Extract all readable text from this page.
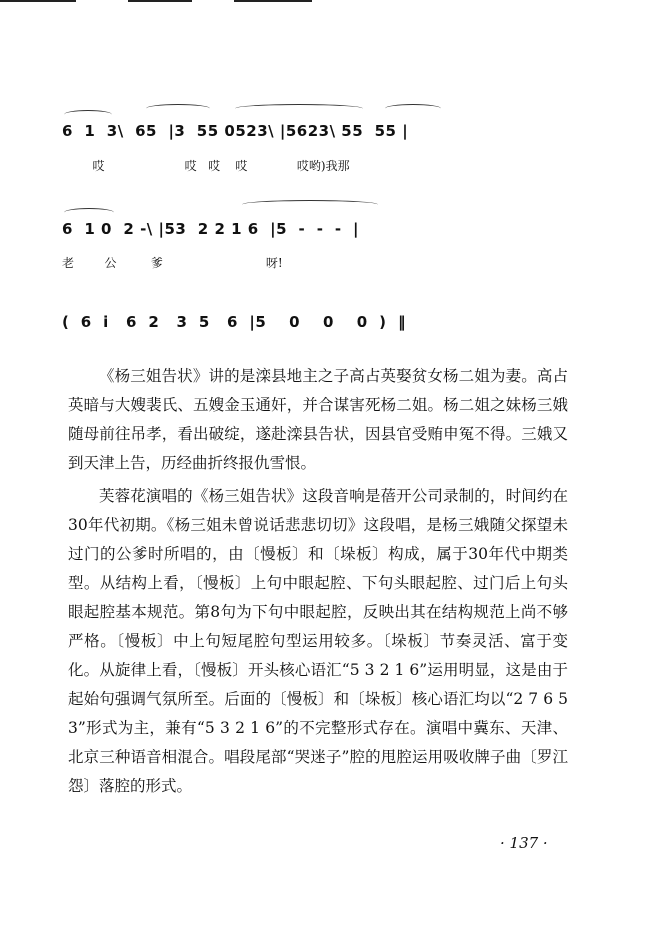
6  1  3\  65  |3  55 0523\ |5623\ 55  55 |
哎                     哎   哎    哎             哎哟)我那
6  1 0  2 -\ |53  2 2 1 6  |5  -  -  -  |
老        公         爹                           呀!
(  6  i   6  2   3  5   6  |5    0    0    0  )  ‖

《杨三姐告状》讲的是滦县地主之子高占英娶贫女杨二姐为妻。高占英暗与大嫂裴氏、五嫂金玉通奸，并合谋害死杨二姐。杨二姐之妹杨三娥随母前往吊孝，看出破绽，遂赴滦县告状，因县官受贿申冤不得。三娥又到天津上告，历经曲折终报仇雪恨。

芙蓉花演唱的《杨三姐告状》这段音响是蓓开公司录制的，时间约在30年代初期。《杨三姐未曾说话悲悲切切》这段唱，是杨三娥随父探望未过门的公爹时所唱的，由〔慢板〕和〔垛板〕构成，属于30年代中期类型。从结构上看，〔慢板〕上句中眼起腔、下句头眼起腔、过门后上句头眼起腔基本规范。第8句为下句中眼起腔，反映出其在结构规范上尚不够严格。〔慢板〕中上句短尾腔句型运用较多。〔垛板〕节奏灵活、富于变化。从旋律上看，〔慢板〕开头核心语汇“5 3 2 1 6”运用明显，这是由于起始句强调气氛所至。后面的〔慢板〕和〔垛板〕核心语汇均以“2 7 6 5 3”形式为主，兼有“5 3 2 1 6”的不完整形式存在。演唱中冀东、天津、北京三种语音相混合。唱段尾部“哭迷子”腔的甩腔运用吸收牌子曲〔罗江怨〕落腔的形式。

· 137 ·
